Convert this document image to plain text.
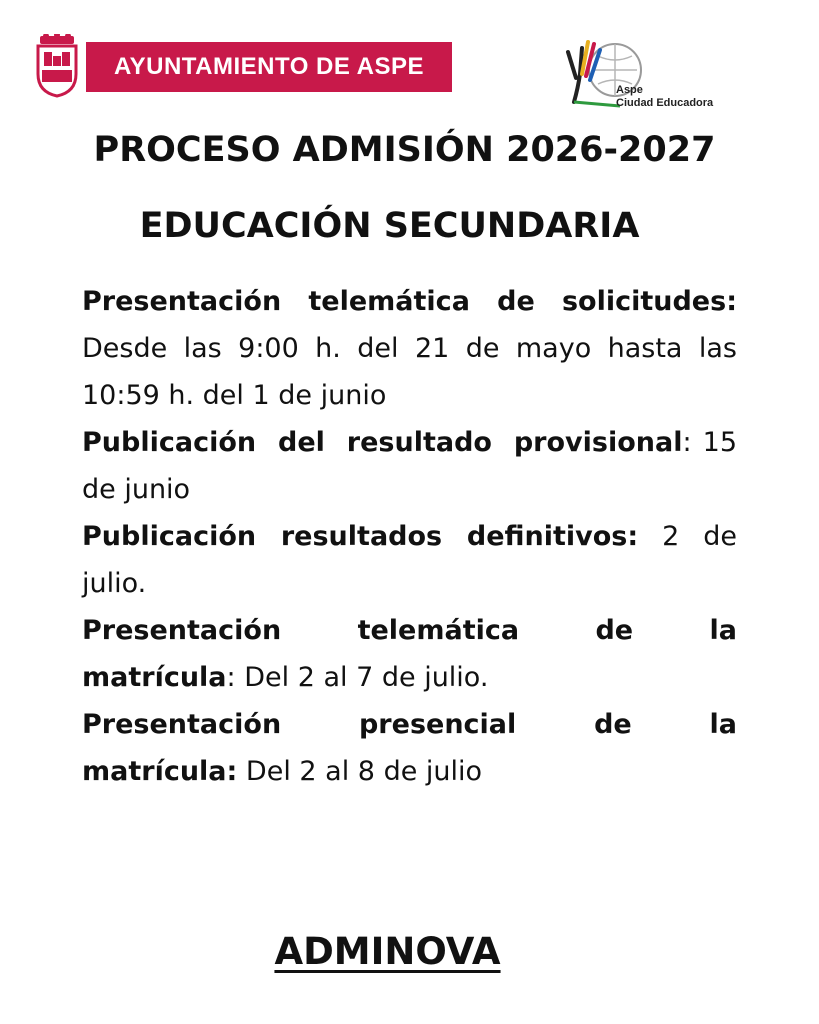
AYUNTAMIENTO DE ASPE
Aspe
Ciudad Educadora
PROCESO ADMISIÓN 2026-2027
EDUCACIÓN SECUNDARIA

Presentación telemática de solicitudes: Desde las 9:00 h. del 21 de mayo hasta las 10:59 h. del 1 de junio

Publicación del resultado provisional: 15 de junio

Publicación resultados definitivos: 2 de julio.

Presentación	telemática	de	la

matrícula: Del 2 al 7 de julio.

Presentación	presencial	de	la

matrícula: Del 2 al 8 de julio

ADMINOVA
